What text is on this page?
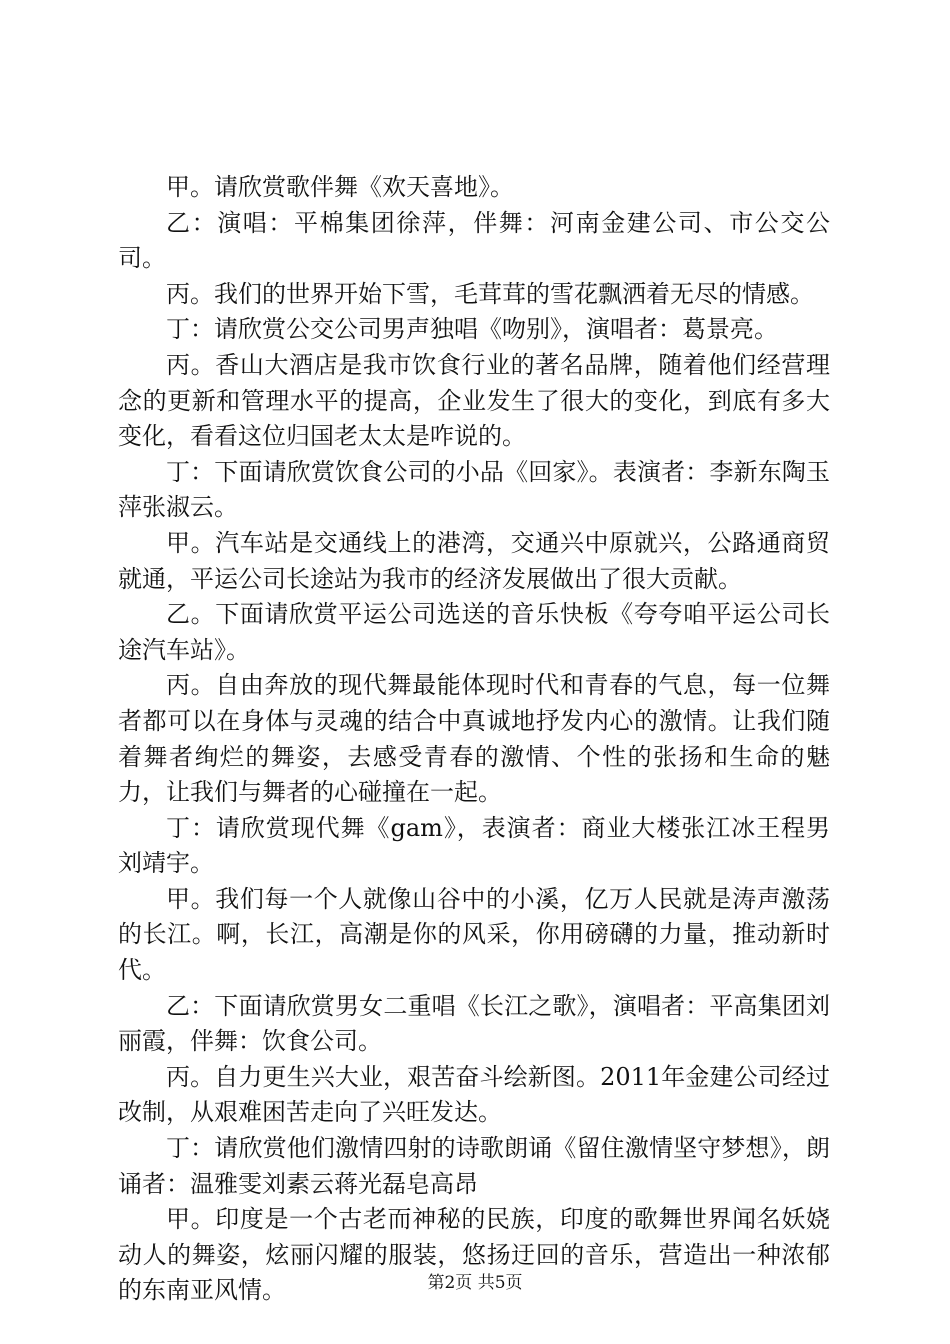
甲。请欣赏歌伴舞《欢天喜地》。

乙：演唱：平棉集团徐萍，伴舞：河南金建公司、市公交公司。

丙。我们的世界开始下雪，毛茸茸的雪花飘洒着无尽的情感。

丁：请欣赏公交公司男声独唱《吻别》，演唱者：葛景亮。

丙。香山大酒店是我市饮食行业的著名品牌，随着他们经营理念的更新和管理水平的提高，企业发生了很大的变化，到底有多大变化，看看这位归国老太太是咋说的。

丁：下面请欣赏饮食公司的小品《回家》。表演者：李新东陶玉萍张淑云。

甲。汽车站是交通线上的港湾，交通兴中原就兴，公路通商贸就通，平运公司长途站为我市的经济发展做出了很大贡献。

乙。下面请欣赏平运公司选送的音乐快板《夸夸咱平运公司长途汽车站》。

丙。自由奔放的现代舞最能体现时代和青春的气息，每一位舞者都可以在身体与灵魂的结合中真诚地抒发内心的激情。让我们随着舞者绚烂的舞姿，去感受青春的激情、个性的张扬和生命的魅力，让我们与舞者的心碰撞在一起。

丁：请欣赏现代舞《gam》，表演者：商业大楼张江冰王程男刘靖宇。

甲。我们每一个人就像山谷中的小溪，亿万人民就是涛声激荡的长江。啊，长江，高潮是你的风采，你用磅礴的力量，推动新时代。

乙：下面请欣赏男女二重唱《长江之歌》，演唱者：平高集团刘丽霞，伴舞：饮食公司。

丙。自力更生兴大业，艰苦奋斗绘新图。2011年金建公司经过改制，从艰难困苦走向了兴旺发达。

丁：请欣赏他们激情四射的诗歌朗诵《留住激情坚守梦想》，朗诵者：温雅雯刘素云蒋光磊皂高昂

甲。印度是一个古老而神秘的民族，印度的歌舞世界闻名妖娆动人的舞姿，炫丽闪耀的服装，悠扬迂回的音乐，营造出一种浓郁的东南亚风情。	第2页 共5页
